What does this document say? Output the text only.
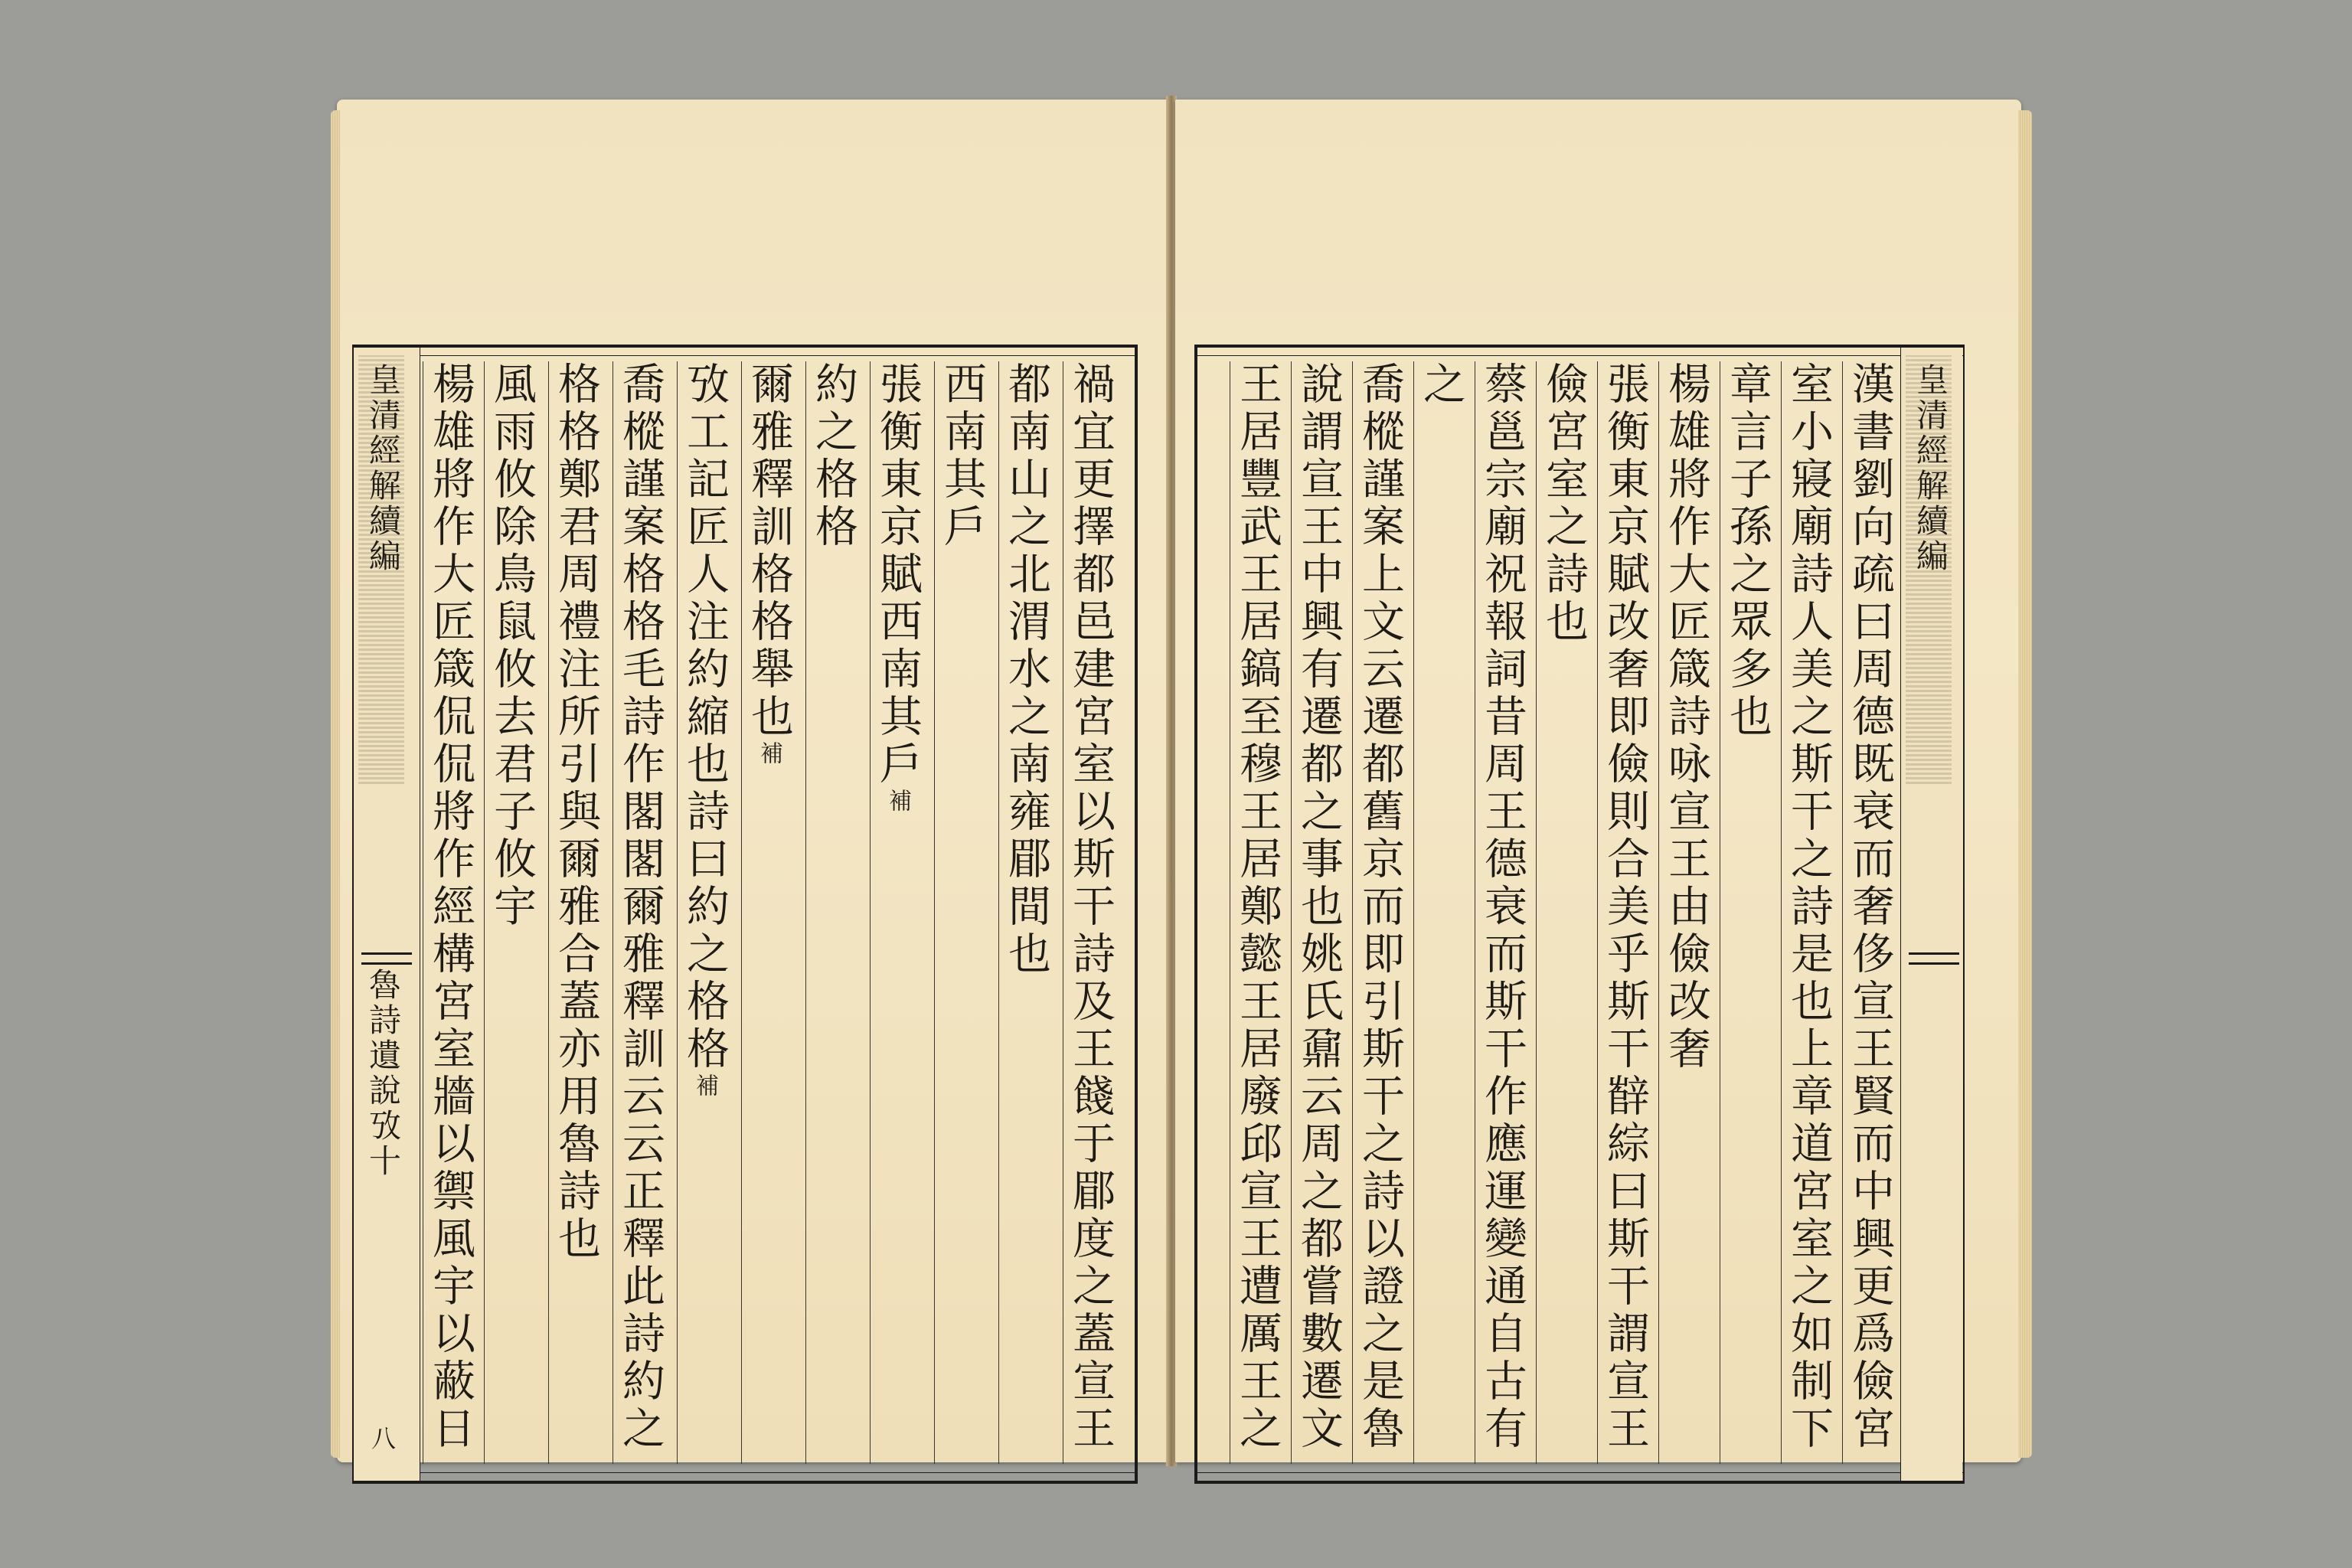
禍宜更擇都邑建宮室以斯干詩及王餞于郿度之蓋宣王
都南山之北渭水之南雍郿間也
西南其戶
張衡東京賦西南其戶$^補$
約之格格
爾雅釋訓格格舉也$^補$
攷工記匠人注約縮也詩曰約之格格$^補$
喬樅謹案格格毛詩作閣閣爾雅釋訓云云正釋此詩約之
格格鄭君周禮注所引與爾雅合蓋亦用魯詩也
風雨攸除鳥鼠攸去君子攸宇
楊雄將作大匠箴侃侃將作經構宮室牆以禦風宇以蔽日
皇清經解續編
魯詩遺說攷十
八	漢書劉向疏曰周德既衰而奢侈宣王賢而中興更爲儉宮
室小寢廟詩人美之斯干之詩是也上章道宮室之如制下
章言子孫之眾多也
楊雄將作大匠箴詩咏宣王由儉改奢
張衡東京賦改奢即儉則合美乎斯干辥綜曰斯干謂宣王
儉宮室之詩也
蔡邕宗廟祝報詞昔周王德衰而斯干作應運變通自古有
之
喬樅謹案上文云遷都舊京而即引斯干之詩以證之是魯
說謂宣王中興有遷都之事也姚氏鼐云周之都嘗數遷文
王居豐武王居鎬至穆王居鄭懿王居廢邱宣王遭厲王之	皇清經解續編
